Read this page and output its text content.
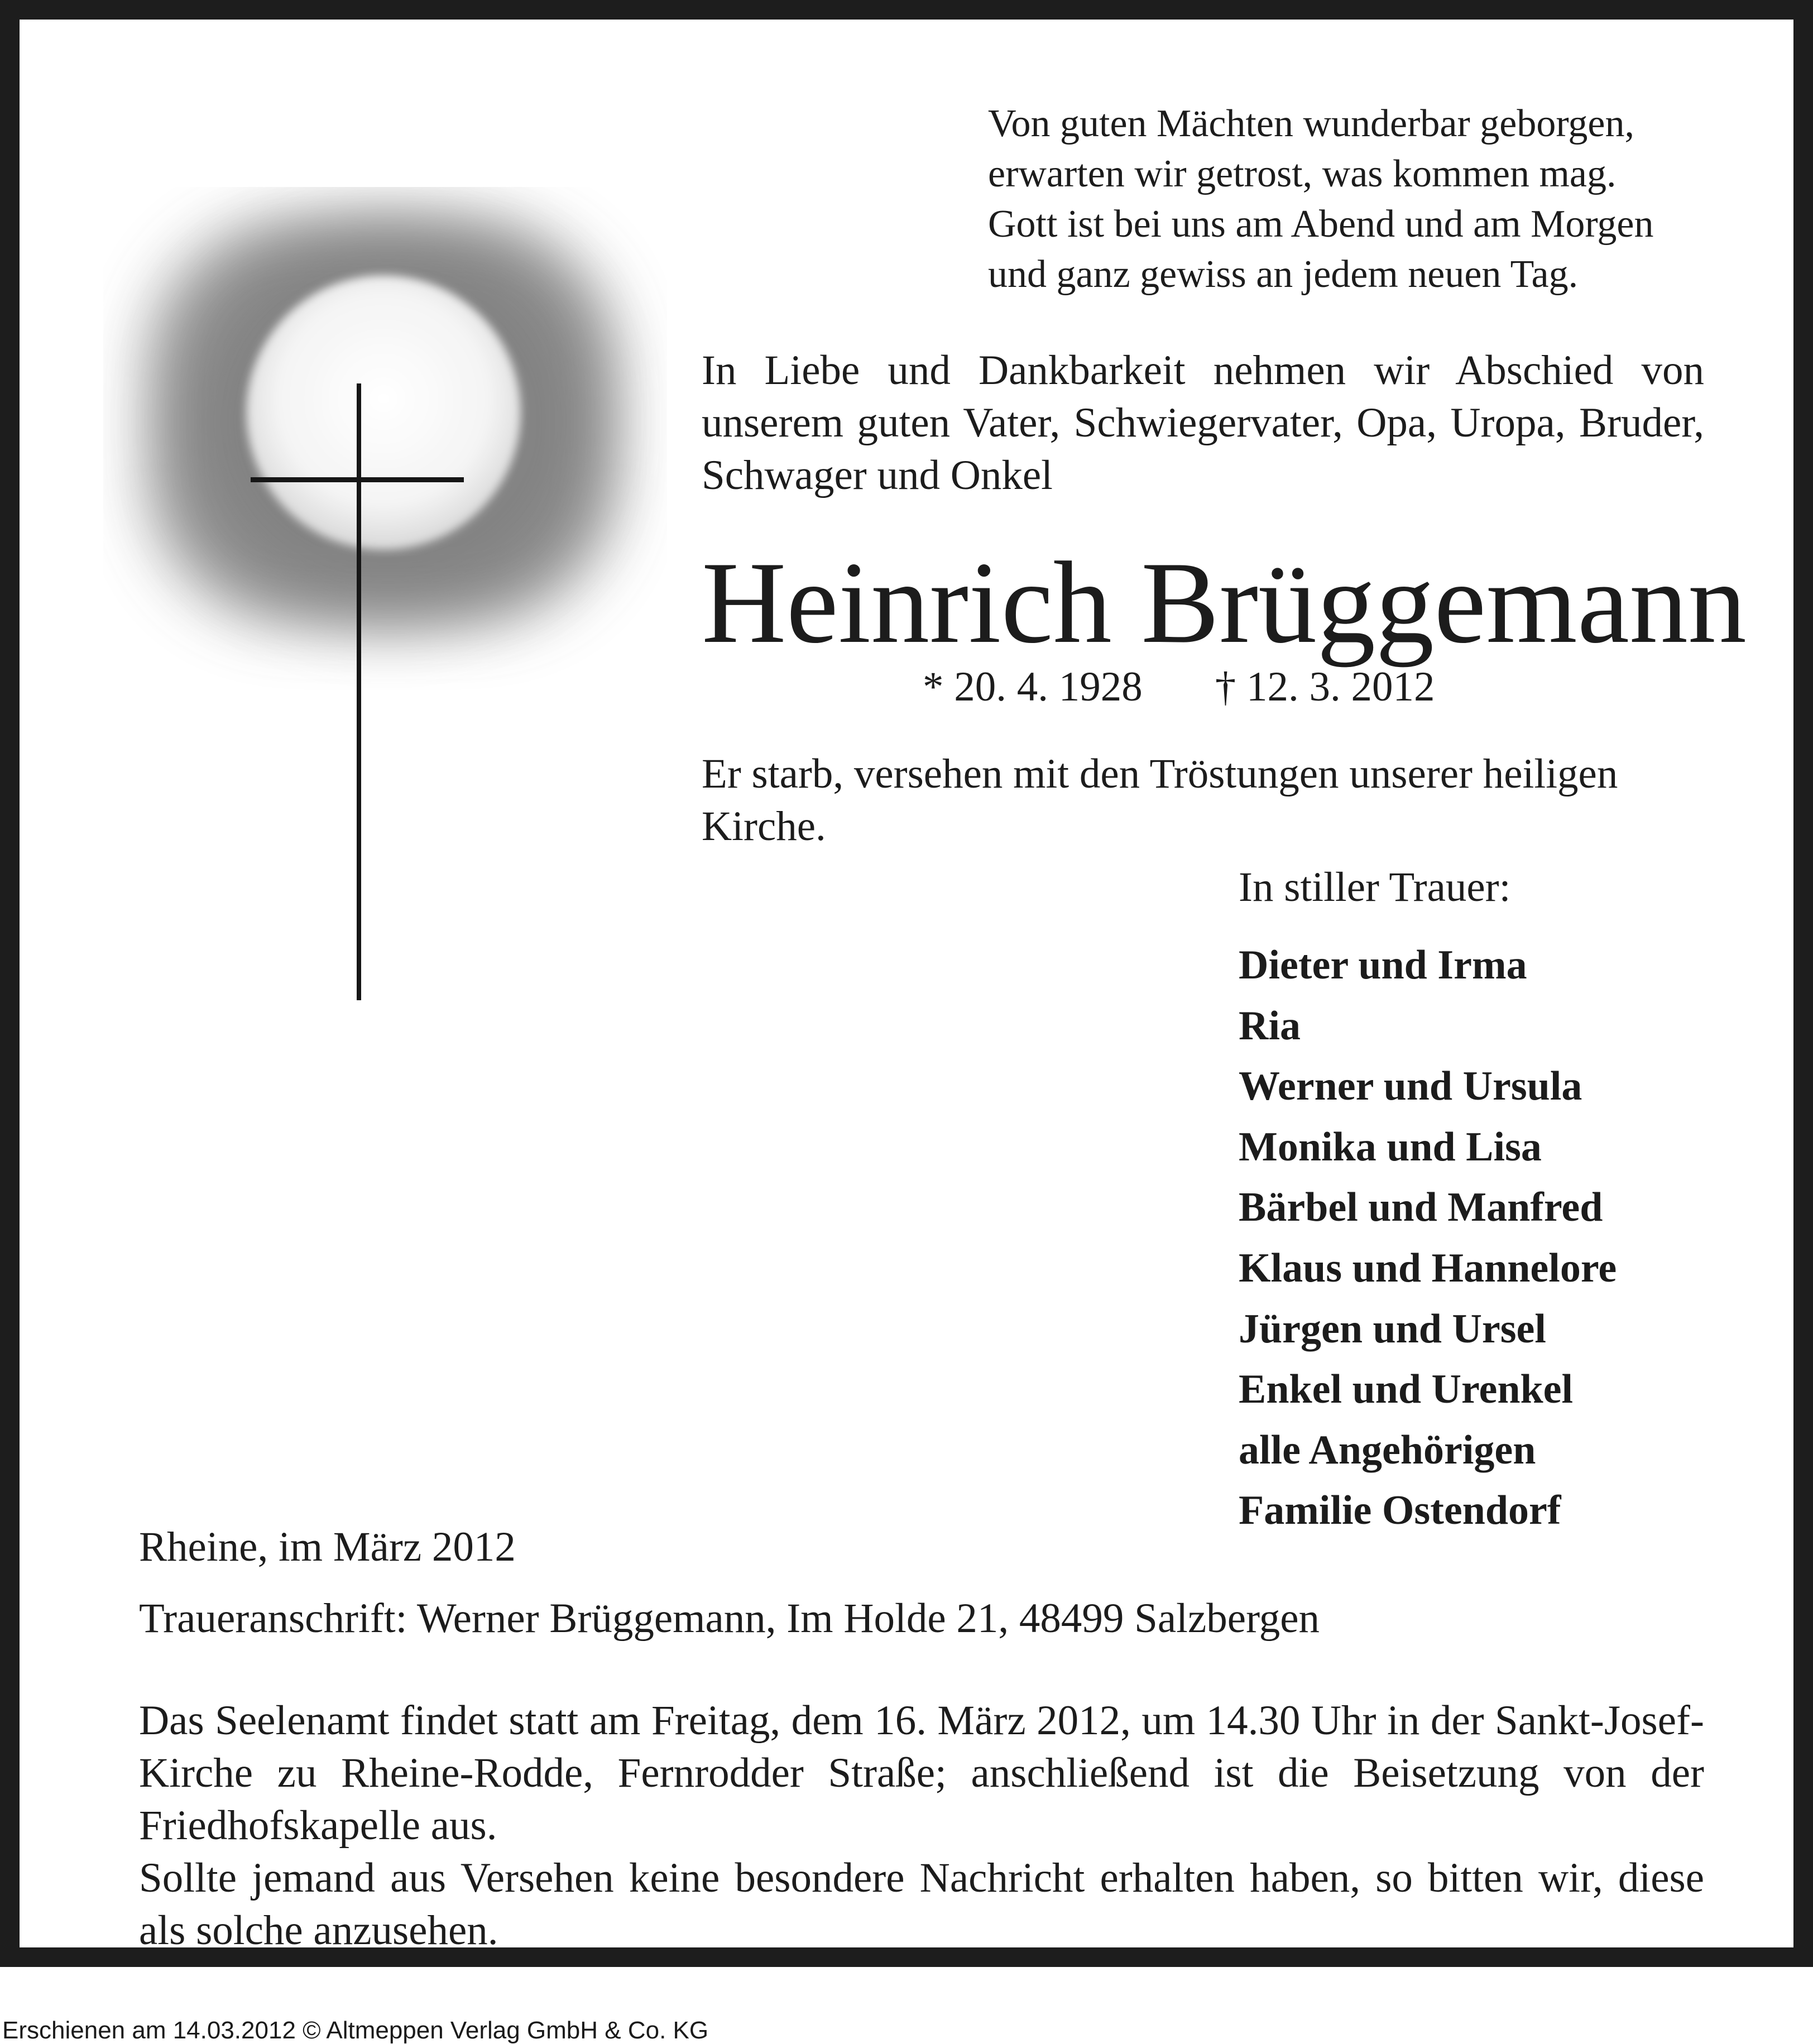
Von guten Mächten wunderbar geborgen,
erwarten wir getrost, was kommen mag.
Gott ist bei uns am Abend und am Morgen
und ganz gewiss an jedem neuen Tag.
In Liebe und Dankbarkeit nehmen wir Abschied von unserem guten Vater, Schwiegervater, Opa, Uropa, Bruder, Schwager und Onkel
Heinrich Brüggemann
* 20. 4. 1928 † 12. 3. 2012
Er starb, versehen mit den Tröstungen unserer heiligen Kirche.
In stiller Trauer:
Dieter und Irma
Ria
Werner und Ursula
Monika und Lisa
Bärbel und Manfred
Klaus und Hannelore
Jürgen und Ursel
Enkel und Urenkel
alle Angehörigen
Familie Ostendorf
Rheine, im März 2012
Traueranschrift: Werner Brüggemann, Im Holde 21, 48499 Salzbergen
Das Seelenamt findet statt am Freitag, dem 16. März 2012, um 14.30 Uhr in der Sankt-Josef-Kirche zu Rheine-Rodde, Fernrodder Straße; anschließend ist die Beisetzung von der Friedhofskapelle aus.
Sollte jemand aus Versehen keine besondere Nachricht erhalten haben, so bitten wir, diese als solche anzusehen.
Erschienen am 14.03.2012 © Altmeppen Verlag GmbH & Co. KG
